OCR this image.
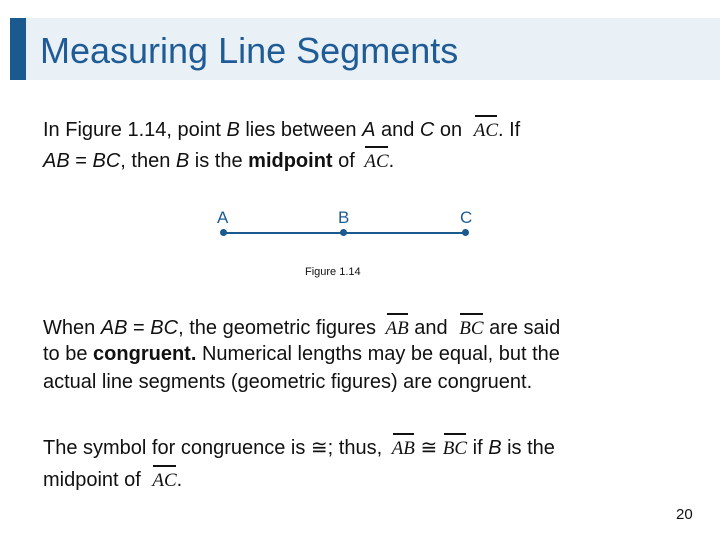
Measuring Line Segments
In Figure 1.14, point B lies between A and C on
AC. If
AB = BC, then B is the midpoint of
AC.
A	B	C
Figure 1.14
When AB = BC, the geometric figures
AB and
BC are said
to be congruent. Numerical lengths may be equal, but the
actual line segments (geometric figures) are congruent.
The symbol for congruence is ≅; thus,
AB ≅
BC if B is the
midpoint of
AC.
20
